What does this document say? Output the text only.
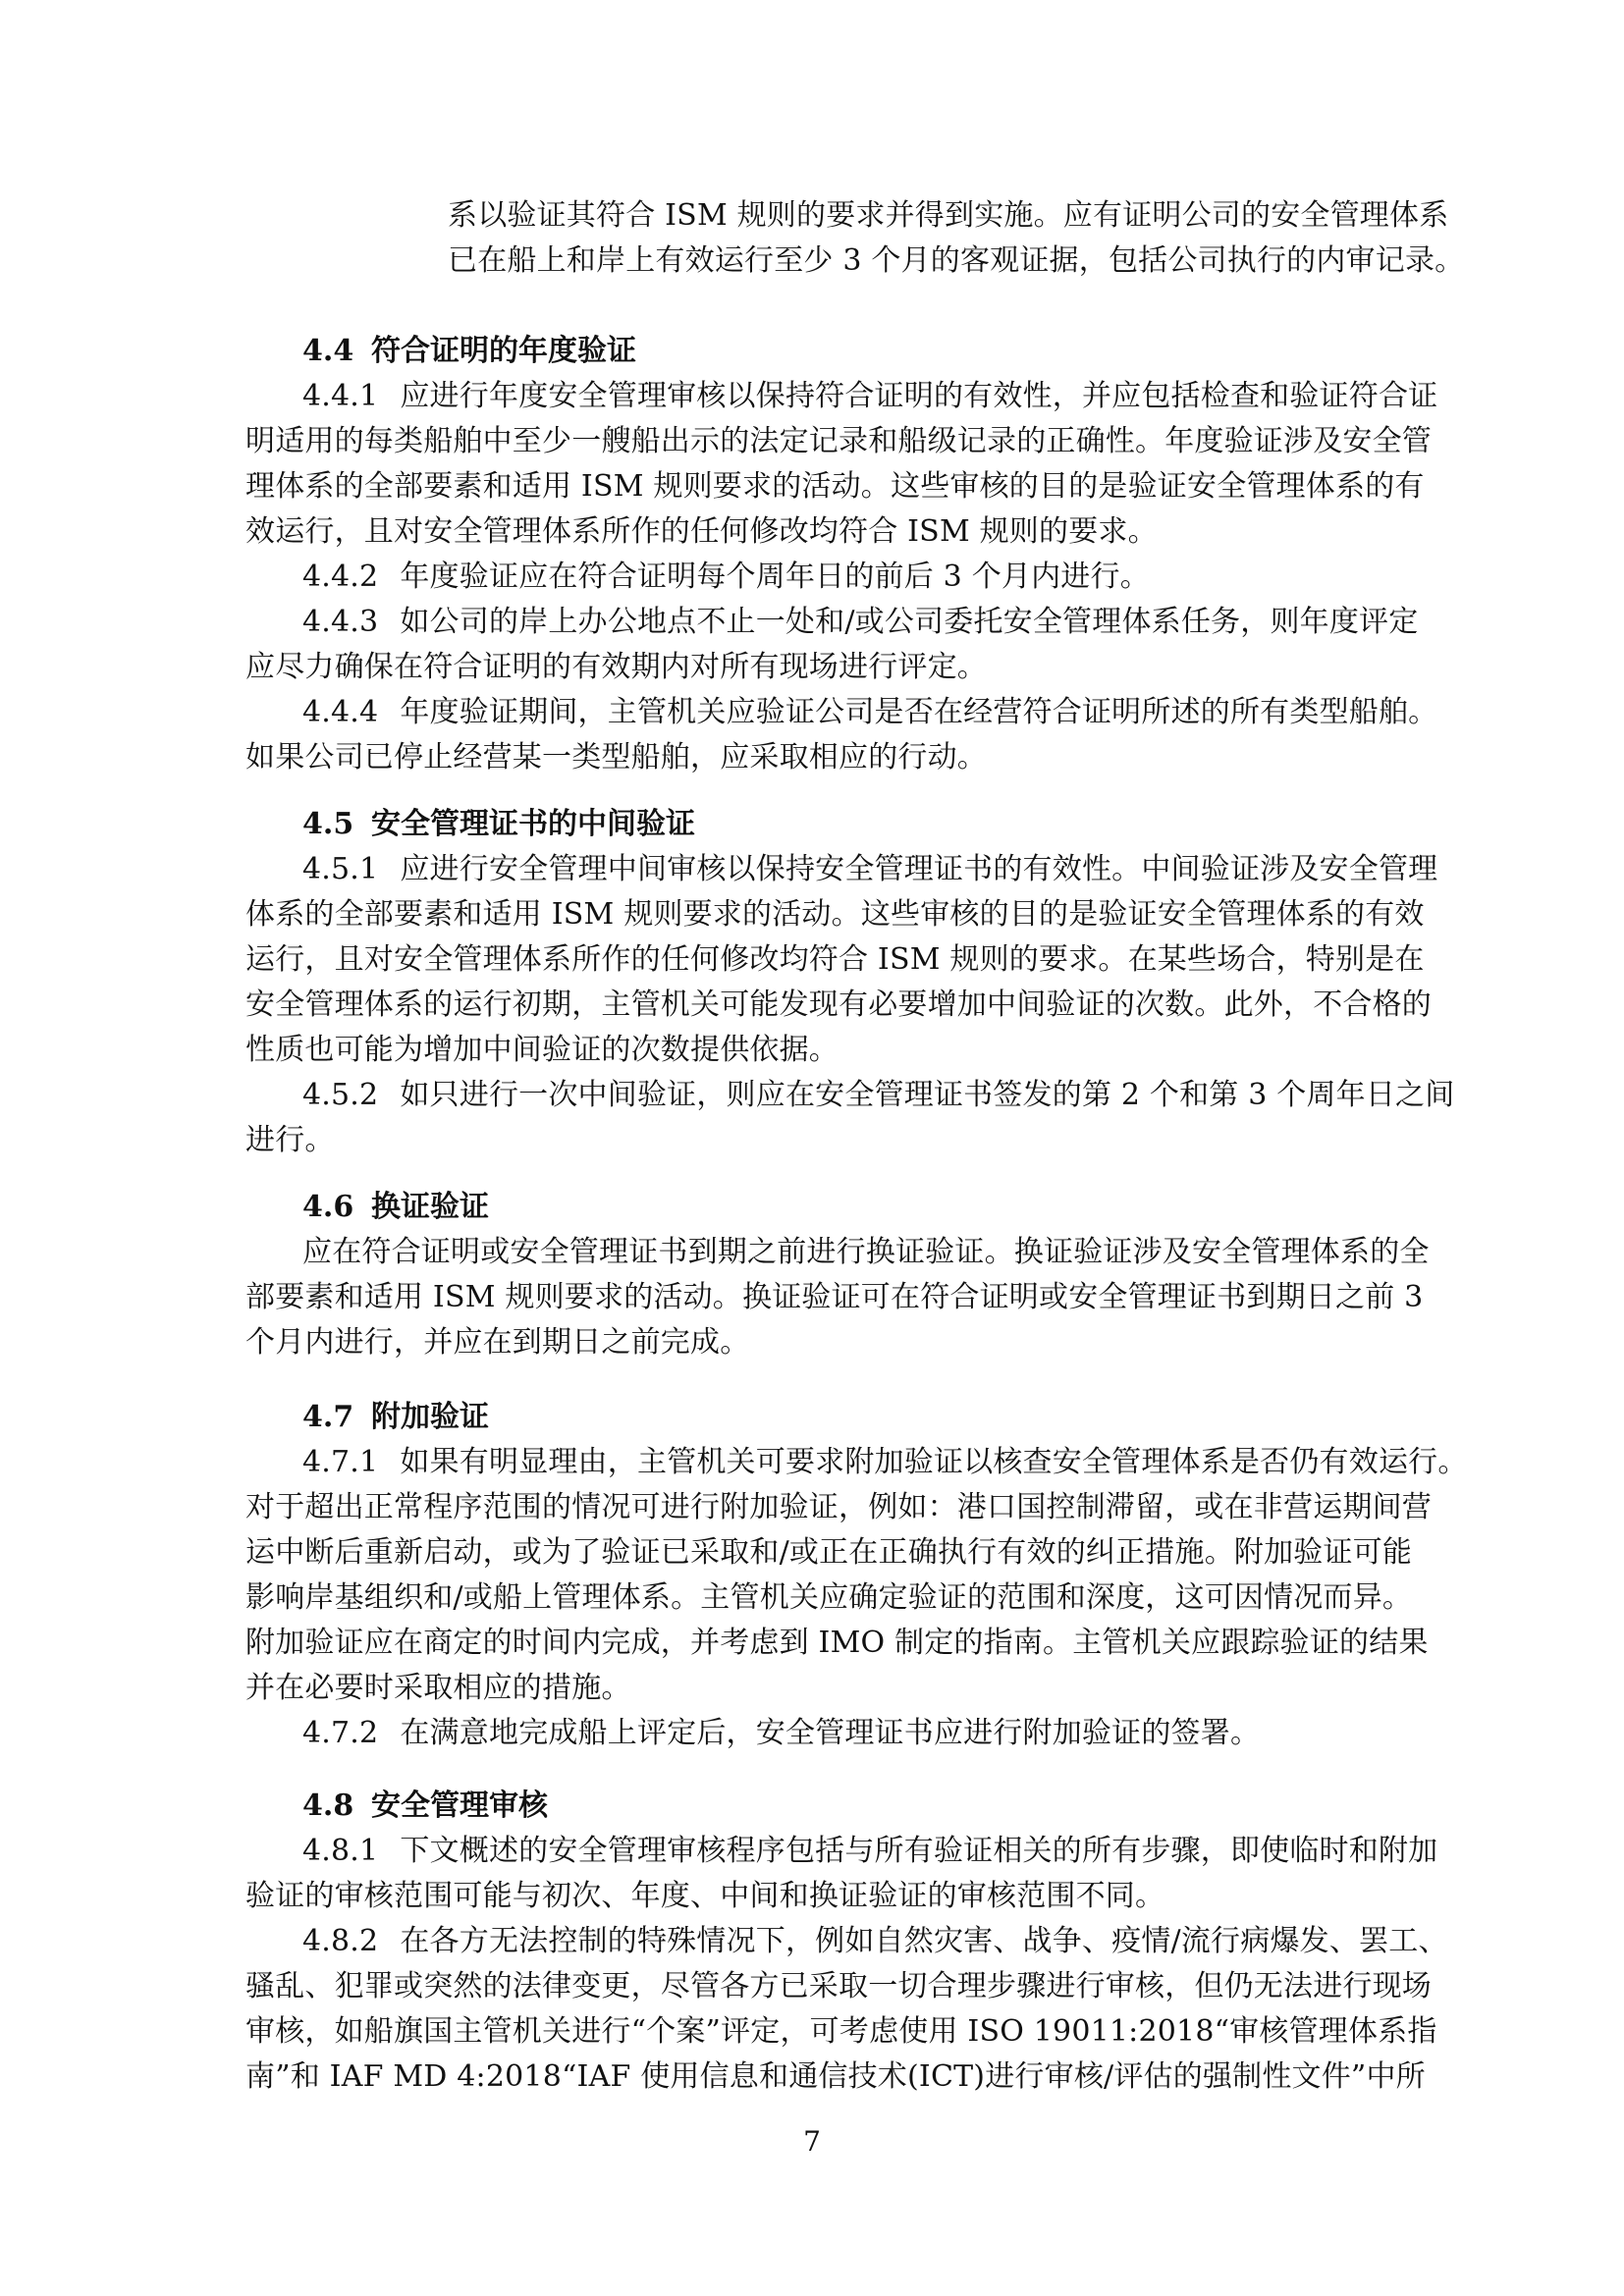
系以验证其符合 ISM 规则的要求并得到实施。应有证明公司的安全管理体系
已在船上和岸上有效运行至少 3 个月的客观证据，包括公司执行的内审记录。
4.4 符合证明的年度验证
4.4.1 应进行年度安全管理审核以保持符合证明的有效性，并应包括检查和验证符合证
明适用的每类船舶中至少一艘船出示的法定记录和船级记录的正确性。年度验证涉及安全管
理体系的全部要素和适用 ISM 规则要求的活动。这些审核的目的是验证安全管理体系的有
效运行，且对安全管理体系所作的任何修改均符合 ISM 规则的要求。
4.4.2 年度验证应在符合证明每个周年日的前后 3 个月内进行。
4.4.3 如公司的岸上办公地点不止一处和/或公司委托安全管理体系任务，则年度评定
应尽力确保在符合证明的有效期内对所有现场进行评定。
4.4.4 年度验证期间，主管机关应验证公司是否在经营符合证明所述的所有类型船舶。
如果公司已停止经营某一类型船舶，应采取相应的行动。
4.5 安全管理证书的中间验证
4.5.1 应进行安全管理中间审核以保持安全管理证书的有效性。中间验证涉及安全管理
体系的全部要素和适用 ISM 规则要求的活动。这些审核的目的是验证安全管理体系的有效
运行，且对安全管理体系所作的任何修改均符合 ISM 规则的要求。在某些场合，特别是在
安全管理体系的运行初期，主管机关可能发现有必要增加中间验证的次数。此外，不合格的
性质也可能为增加中间验证的次数提供依据。
4.5.2 如只进行一次中间验证，则应在安全管理证书签发的第 2 个和第 3 个周年日之间
进行。
4.6 换证验证
应在符合证明或安全管理证书到期之前进行换证验证。换证验证涉及安全管理体系的全
部要素和适用 ISM 规则要求的活动。换证验证可在符合证明或安全管理证书到期日之前 3
个月内进行，并应在到期日之前完成。
4.7 附加验证
4.7.1 如果有明显理由，主管机关可要求附加验证以核查安全管理体系是否仍有效运行。
对于超出正常程序范围的情况可进行附加验证，例如：港口国控制滞留，或在非营运期间营
运中断后重新启动，或为了验证已采取和/或正在正确执行有效的纠正措施。附加验证可能
影响岸基组织和/或船上管理体系。主管机关应确定验证的范围和深度，这可因情况而异。
附加验证应在商定的时间内完成，并考虑到 IMO 制定的指南。主管机关应跟踪验证的结果
并在必要时采取相应的措施。
4.7.2 在满意地完成船上评定后，安全管理证书应进行附加验证的签署。
4.8 安全管理审核
4.8.1 下文概述的安全管理审核程序包括与所有验证相关的所有步骤，即使临时和附加
验证的审核范围可能与初次、年度、中间和换证验证的审核范围不同。
4.8.2 在各方无法控制的特殊情况下，例如自然灾害、战争、疫情/流行病爆发、罢工、
骚乱、犯罪或突然的法律变更，尽管各方已采取一切合理步骤进行审核，但仍无法进行现场
审核，如船旗国主管机关进行“个案”评定，可考虑使用 ISO 19011:2018“审核管理体系指
南”和 IAF MD 4:2018“IAF 使用信息和通信技术(ICT)进行审核/评估的强制性文件”中所
7
